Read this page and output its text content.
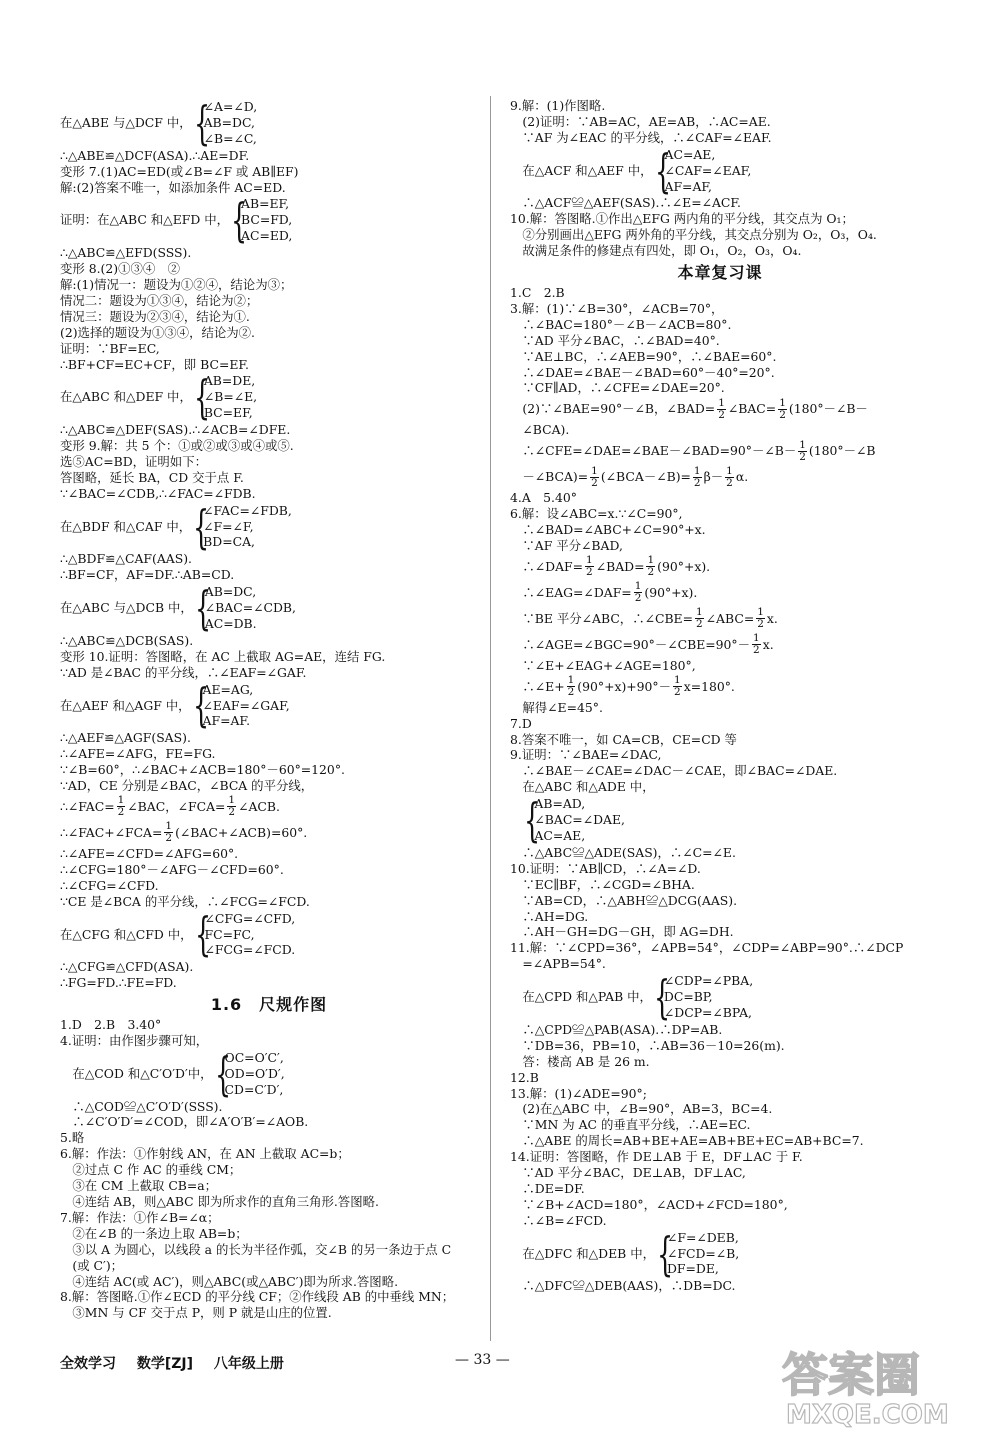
在△ABE 与△DCF 中， {
∠A=∠D,
AB=DC,
∠B=∠C,
∴△ABE≌△DCF(ASA).∴AE=DF.
变形 7.(1)AC=ED(或∠B=∠F 或 AB∥EF)
解:(2)答案不唯一，如添加条件 AC=ED.
证明：在△ABC 和△EFD 中， {
AB=EF,
BC=FD,
AC=ED,
∴△ABC≌△EFD(SSS).
变形 8.(2)①③④　②
解:(1)情况一：题设为①②④，结论为③；
情况二：题设为①③④，结论为②；
情况三：题设为②③④，结论为①.
(2)选择的题设为①③④，结论为②.
证明：∵BF=EC,
∴BF+CF=EC+CF，即 BC=EF.
在△ABC 和△DEF 中， {
AB=DE,
∠B=∠E,
BC=EF,
∴△ABC≌△DEF(SAS).∴∠ACB=∠DFE.
变形 9.解：共 5 个：①或②或③或④或⑤.
选⑤AC=BD，证明如下：
答图略，延长 BA，CD 交于点 F.
∵∠BAC=∠CDB,∴∠FAC=∠FDB.
在△BDF 和△CAF 中， {
∠FAC=∠FDB,
∠F=∠F,
BD=CA,
∴△BDF≌△CAF(AAS).
∴BF=CF，AF=DF.∴AB=CD.
在△ABC 与△DCB 中， {
AB=DC,
∠BAC=∠CDB,
AC=DB.
∴△ABC≌△DCB(SAS).
变形 10.证明：答图略，在 AC 上截取 AG=AE，连结 FG.
∵AD 是∠BAC 的平分线，∴∠EAF=∠GAF.
在△AEF 和△AGF 中， {
AE=AG,
∠EAF=∠GAF,
AF=AF.
∴△AEF≌△AGF(SAS).
∴∠AFE=∠AFG，FE=FG.
∵∠B=60°，∴∠BAC+∠ACB=180°－60°=120°.
∵AD，CE 分别是∠BAC，∠BCA 的平分线，
∴∠FAC= $\frac{1}{2}$ ∠BAC，∠FCA= $\frac{1}{2}$ ∠ACB.
∴∠FAC+∠FCA= $\frac{1}{2}$ (∠BAC+∠ACB)=60°.
∴∠AFE=∠CFD=∠AFG=60°.
∴∠CFG=180°－∠AFG－∠CFD=60°.
∴∠CFG=∠CFD.
∵CE 是∠BCA 的平分线，∴∠FCG=∠FCD.
在△CFG 和△CFD 中， {
∠CFG=∠CFD,
FC=FC,
∠FCG=∠FCD.
∴△CFG≌△CFD(ASA).
∴FG=FD.∴FE=FD.
1.6　尺规作图
1.D　2.B　3.40°
4.证明：由作图步骤可知，
　在△COD 和△C′O′D′中， {
OC=O′C′,
OD=O′D′,
CD=C′D′,
　∴△COD≌△C′O′D′(SSS).
　∴∠C′O′D′=∠COD，即∠A′O′B′=∠AOB.
5.略
6.解：作法：①作射线 AN，在 AN 上截取 AC=b；
　②过点 C 作 AC 的垂线 CM；
　③在 CM 上截取 CB=a；
　④连结 AB，则△ABC 即为所求作的直角三角形.答图略.
7.解：作法：①作∠B=∠α；
　②在∠B 的一条边上取 AB=b；
　③以 A 为圆心，以线段 a 的长为半径作弧，交∠B 的另一条边于点 C
　(或 C′)；
　④连结 AC(或 AC′)，则△ABC(或△ABC′)即为所求.答图略.
8.解：答图略.①作∠ECD 的平分线 CF；②作线段 AB 的中垂线 MN；
　③MN 与 CF 交于点 P，则 P 就是山庄的位置.
9.解：(1)作图略.
　(2)证明：∵AB=AC，AE=AB，∴AC=AE.
　∵AF 为∠EAC 的平分线，∴∠CAF=∠EAF.
　在△ACF 和△AEF 中， {
AC=AE,
∠CAF=∠EAF,
AF=AF,
　∴△ACF≌△AEF(SAS).∴∠E=∠ACF.
10.解：答图略.①作出△EFG 两内角的平分线，其交点为 O₁；
　②分别画出△EFG 两外角的平分线，其交点分别为 O₂，O₃，O₄.
　故满足条件的修建点有四处，即 O₁，O₂，O₃，O₄.
本章复习课
1.C　2.B
3.解：(1)∵∠B=30°，∠ACB=70°，
　∴∠BAC=180°－∠B－∠ACB=80°.
　∵AD 平分∠BAC，∴∠BAD=40°.
　∵AE⊥BC，∴∠AEB=90°，∴∠BAE=60°.
　∴∠DAE=∠BAE－∠BAD=60°－40°=20°.
　∵CF∥AD，∴∠CFE=∠DAE=20°.
　(2)∵∠BAE=90°－∠B，∠BAD= $\frac{1}{2}$ ∠BAC= $\frac{1}{2}$ (180°－∠B－
　∠BCA).
　∴∠CFE=∠DAE=∠BAE－∠BAD=90°－∠B－ $\frac{1}{2}$ (180°－∠B
　－∠BCA)= $\frac{1}{2}$ (∠BCA－∠B)= $\frac{1}{2} \beta- \frac{1}{2} \alpha$.
4.A　5.40°
6.解：设∠ABC=x.∵∠C=90°,
　∴∠BAD=∠ABC+∠C=90°+x.
　∵AF 平分∠BAD,
　∴∠DAF= $\frac{1}{2}$ ∠BAD= $\frac{1}{2} (90^\circ+x)$.
　∴∠EAG=∠DAF= $\frac{1}{2} (90^\circ+x)$.
　∵BE 平分∠ABC，∴∠CBE= $\frac{1}{2}$ ∠ABC= $\frac{1}{2} x$.
　∴∠AGE=∠BGC=90°－∠CBE=90°－ $\frac{1}{2} x$.
　∵∠E+∠EAG+∠AGE=180°,
　∴∠E+ $\frac{1}{2} (90^\circ+x)+90^\circ- \frac{1}{2} x=180^\circ$.
　解得∠E=45°.
7.D
8.答案不唯一，如 CA=CB，CE=CD 等
9.证明：∵∠BAE=∠DAC,
　∴∠BAE－∠CAE=∠DAC－∠CAE，即∠BAC=∠DAE.
　在△ABC 和△ADE 中，

{
AB=AD,
∠BAC=∠DAE,
AC=AE,
　∴△ABC≌△ADE(SAS)，∴∠C=∠E.
10.证明：∵AB∥CD，∴∠A=∠D.
　∵EC∥BF，∴∠CGD=∠BHA.
　∵AB=CD，∴△ABH≌△DCG(AAS).
　∴AH=DG.
　∴AH－GH=DG－GH，即 AG=DH.
11.解：∵∠CPD=36°，∠APB=54°，∠CDP=∠ABP=90°.∴∠DCP
　=∠APB=54°.
　在△CPD 和△PAB 中， {
∠CDP=∠PBA,
DC=BP,
∠DCP=∠BPA,
　∴△CPD≌△PAB(ASA).∴DP=AB.
　∵DB=36，PB=10，∴AB=36－10=26(m).
　答：楼高 AB 是 26 m.
12.B
13.解：(1)∠ADE=90°;
　(2)在△ABC 中，∠B=90°，AB=3，BC=4.
　∵MN 为 AC 的垂直平分线，∴AE=EC.
　∴△ABE 的周长=AB+BE+AE=AB+BE+EC=AB+BC=7.
14.证明：答图略，作 DE⊥AB 于 E，DF⊥AC 于 F.
　∵AD 平分∠BAC，DE⊥AB，DF⊥AC,
　∴DE=DF.
　∵∠B+∠ACD=180°，∠ACD+∠FCD=180°,
　∴∠B=∠FCD.
　在△DFC 和△DEB 中， {
∠F=∠DEB,
∠FCD=∠B,
DF=DE,
　∴△DFC≌△DEB(AAS)，∴DB=DC.
全效学习 数学[ZJ] 八年级上册	— 33 —	答案圈
MXQE.COM
